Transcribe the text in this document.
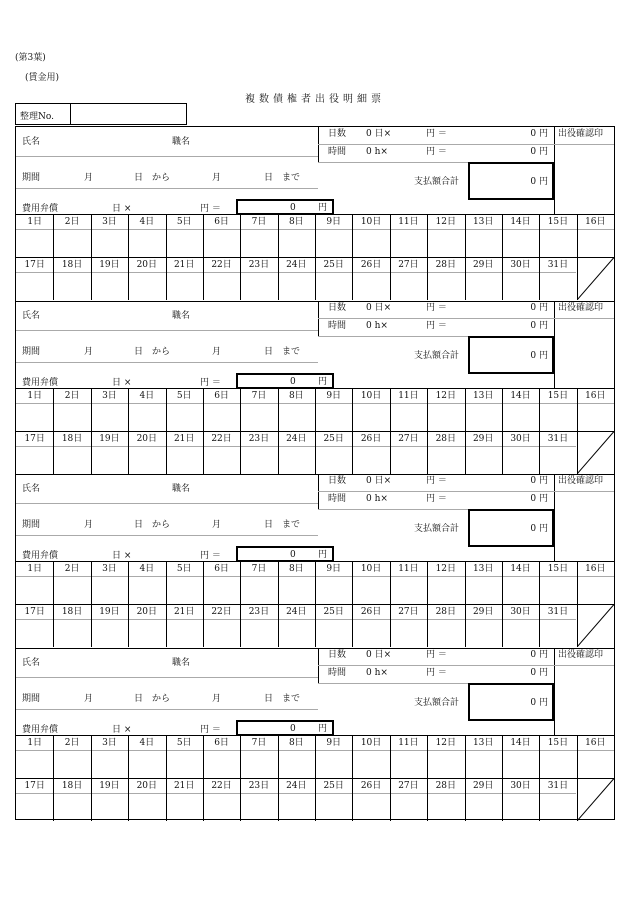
(第3葉)
(賃金用)
複数債権者出役明細票
整理No.
氏名	職名
日数 0 日×	円 ＝	0 円
時間 0 h×	円 ＝	0 円
出役確認印
期間	月	日 から	月	日 まで	支払額合計	0 円
費用弁償	日 ×	円 ＝	0 円
1日	2日	3日	4日	5日	6日	7日	8日	9日	10日	11日	12日	13日	14日	15日	16日
17日	18日	19日	20日	21日	22日	23日	24日	25日	26日	27日	28日	29日	30日	31日
氏名	職名
日数 0 日×	円 ＝	0 円
時間 0 h×	円 ＝	0 円
出役確認印
期間	月	日 から	月	日 まで	支払額合計	0 円
費用弁償	日 ×	円 ＝	0 円
1日	2日	3日	4日	5日	6日	7日	8日	9日	10日	11日	12日	13日	14日	15日	16日
17日	18日	19日	20日	21日	22日	23日	24日	25日	26日	27日	28日	29日	30日	31日
氏名	職名
日数 0 日×	円 ＝	0 円
時間 0 h×	円 ＝	0 円
出役確認印
期間	月	日 から	月	日 まで	支払額合計	0 円
費用弁償	日 ×	円 ＝	0 円
1日	2日	3日	4日	5日	6日	7日	8日	9日	10日	11日	12日	13日	14日	15日	16日
17日	18日	19日	20日	21日	22日	23日	24日	25日	26日	27日	28日	29日	30日	31日
氏名	職名
日数 0 日×	円 ＝	0 円
時間 0 h×	円 ＝	0 円
出役確認印
期間	月	日 から	月	日 まで	支払額合計	0 円
費用弁償	日 ×	円 ＝	0 円
1日	2日	3日	4日	5日	6日	7日	8日	9日	10日	11日	12日	13日	14日	15日	16日
17日	18日	19日	20日	21日	22日	23日	24日	25日	26日	27日	28日	29日	30日	31日
